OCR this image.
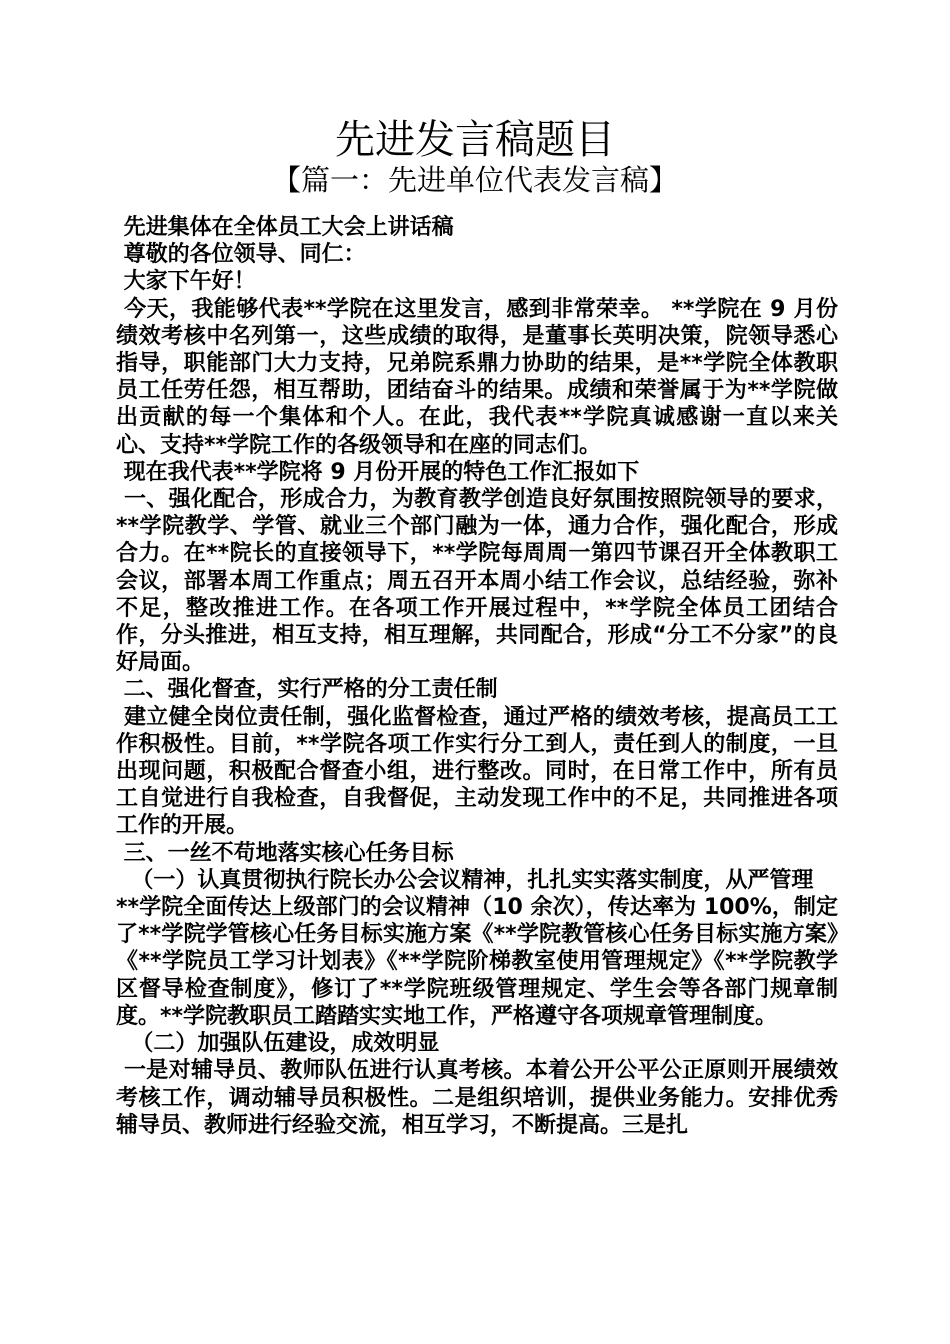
先进发言稿题目
【篇一：先进单位代表发言稿】

先进集体在全体员工大会上讲话稿

尊敬的各位领导、同仁：

大家下午好！

今天，我能够代表**学院在这里发言，感到非常荣幸。 **学院在 9 月份绩效考核中名列第一，这些成绩的取得，是董事长英明决策，院领导悉心指导，职能部门大力支持，兄弟院系鼎力协助的结果，是**学院全体教职员工任劳任怨，相互帮助，团结奋斗的结果。成绩和荣誉属于为**学院做出贡献的每一个集体和个人。在此，我代表**学院真诚感谢一直以来关心、支持**学院工作的各级领导和在座的同志们。

现在我代表**学院将 9 月份开展的特色工作汇报如下

一、强化配合，形成合力，为教育教学创造良好氛围按照院领导的要求，**学院教学、学管、就业三个部门融为一体，通力合作，强化配合，形成合力。在**院长的直接领导下，**学院每周周一第四节课召开全体教职工会议，部署本周工作重点；周五召开本周小结工作会议，总结经验，弥补不足，整改推进工作。在各项工作开展过程中，**学院全体员工团结合作，分头推进，相互支持，相互理解，共同配合，形成“分工不分家”的良好局面。

二、强化督查，实行严格的分工责任制

建立健全岗位责任制，强化监督检查，通过严格的绩效考核，提高员工工作积极性。目前，**学院各项工作实行分工到人，责任到人的制度，一旦出现问题，积极配合督查小组，进行整改。同时，在日常工作中，所有员工自觉进行自我检查，自我督促，主动发现工作中的不足，共同推进各项工作的开展。

三、一丝不苟地落实核心任务目标

（一）认真贯彻执行院长办公会议精神，扎扎实实落实制度，从严管理

**学院全面传达上级部门的会议精神（10 余次），传达率为 100%，制定了**学院学管核心任务目标实施方案《**学院教管核心任务目标实施方案》《**学院员工学习计划表》《**学院阶梯教室使用管理规定》《**学院教学区督导检查制度》，修订了**学院班级管理规定、学生会等各部门规章制度。**学院教职员工踏踏实实地工作，严格遵守各项规章管理制度。

（二）加强队伍建设，成效明显

一是对辅导员、教师队伍进行认真考核。本着公开公平公正原则开展绩效考核工作，调动辅导员积极性。二是组织培训，提供业务能力。安排优秀辅导员、教师进行经验交流，相互学习，不断提高。三是扎
